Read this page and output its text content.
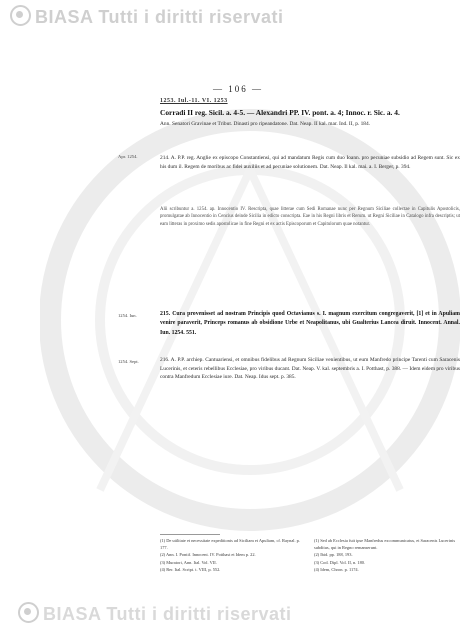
BIASA Tutti i diritti riservati
— 106 —
1253. Iul.-11. VI. 1253
Corradi II reg. Sicil. a. 4-5. — Alexandri PP. IV. pont. a. 4; Innoc. r. Sic. a. 4.
Ann. Senatori Gravinae et Tribut. Dinasti pro ripeandatone. Dat. Neap. II kal. mar. Ind. II, p. 184.
Apr. 1254.	214. A. P.P. reg. Anglie ex episcopo Constantiensi, qui ad mandatum Regis cum duo Ioann. pro pecuniae subsidio ad Regem sunt. Sic ex his dum il. Regem de moribus ac fidei auxiliis et ad pecuniae solutionem. Dat. Neap. Il kal. mai. a. I. Berger, p. 394.
Alii scribuntur a. 1254. ap. Innocentio IV. Rescripta, quae litterae cum Sedi Romanae nunc per Regnum Siciliae collectae in Capitulis Apostolicis, promulgatae ab Innocentio in Cencius deinde Sicilia in edicto conscripta. Eae in his Regni libris et Rerum. ut Regni Siciliae in Catalogo infra descriptis; ut eam litteras in proximo sedis apostolicae in fine Regni et ex actis Episcoporum et Capitulorum quae notantur.
1254. Iun.	215. Cura provenisset ad nostram Principis quod Octavianus s. I. magnum exercitum congregaverit, [1] et in Apuliam venire paraverit, Princeps romanus ab obsidione Urbe et Neapolitanus, ubi Gualterius Lancea diruit. Innocent. Annal. Iun. 1254. 551.
1254. Sept.	216. A. P.P. archiep. Cantuariensi, et omnibus fidelibus ad Regnum Siciliae venientibus, ut eum Manfredo principe Tarenti cum Saracenis Lucerinis, et ceteris rebellibus Ecclesiae, pro viribus ducant. Dat. Neap. V. kal. septembris a. I. Potthast, p. 388. — Idem eidem pro viribus contra Manfredum Ecclesiae iure. Dat. Neap. Idus sept. p. 385.

(1) De utilitate et necessitate expeditionis ad Siciliam et Apuliam, cf. Raynal. p. 177.

(2) Ann. I. Pontif. Innocent. IV. Potthast et Idem p. 22.

(3) Muratori, Ann. Ital. Vol. VII.

(4) Rer. Ital. Script. t. VIII, p. 552.

(1) Sed ab Ecclesia fuit ipse Manfredus excommunicatus, et Saracenis Lucerinis subditus, qui in Regno remanserunt.

(2) Ibid. pp. 188, 193.

(3) Cod. Dipl. Vol. II, n. 180.

(4) Idem, Chron. p. 1174.

BIASA Tutti i diritti riservati
